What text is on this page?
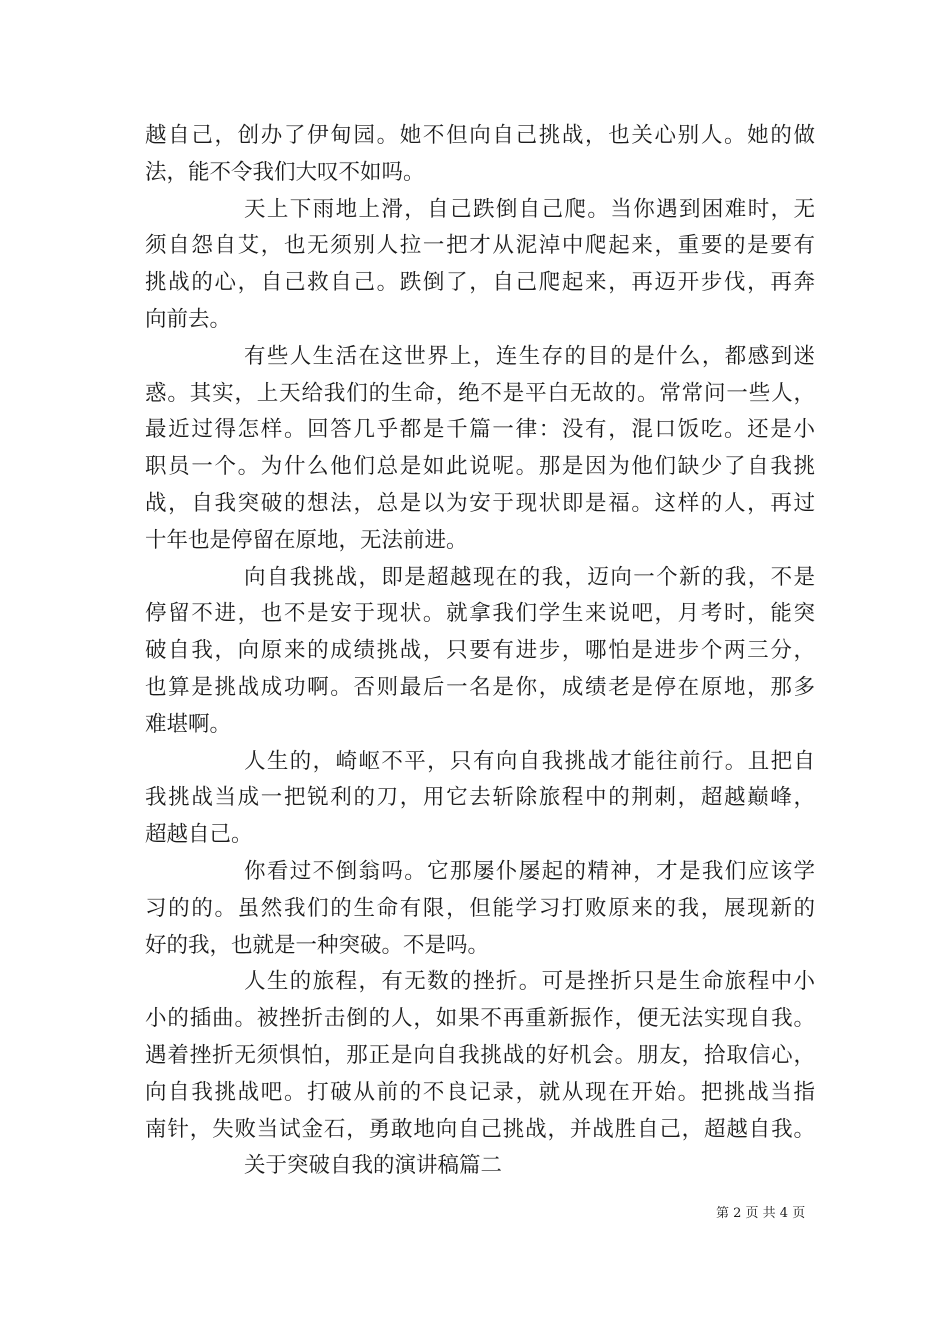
越自己，创办了伊甸园。她不但向自己挑战，也关心别人。她的做
法，能不令我们大叹不如吗。
天上下雨地上滑，自己跌倒自己爬。当你遇到困难时，无
须自怨自艾，也无须别人拉一把才从泥淖中爬起来，重要的是要有
挑战的心，自己救自己。跌倒了，自己爬起来，再迈开步伐，再奔
向前去。
有些人生活在这世界上，连生存的目的是什么，都感到迷
惑。其实，上天给我们的生命，绝不是平白无故的。常常问一些人，
最近过得怎样。回答几乎都是千篇一律：没有，混口饭吃。还是小
职员一个。为什么他们总是如此说呢。那是因为他们缺少了自我挑
战，自我突破的想法，总是以为安于现状即是福。这样的人，再过
十年也是停留在原地，无法前进。
向自我挑战，即是超越现在的我，迈向一个新的我，不是
停留不进，也不是安于现状。就拿我们学生来说吧，月考时，能突
破自我，向原来的成绩挑战，只要有进步，哪怕是进步个两三分，
也算是挑战成功啊。否则最后一名是你，成绩老是停在原地，那多
难堪啊。
人生的，崎岖不平，只有向自我挑战才能往前行。且把自
我挑战当成一把锐利的刀，用它去斩除旅程中的荆刺，超越巅峰，
超越自己。
你看过不倒翁吗。它那屡仆屡起的精神，才是我们应该学
习的的。虽然我们的生命有限，但能学习打败原来的我，展现新的
好的我，也就是一种突破。不是吗。
人生的旅程，有无数的挫折。可是挫折只是生命旅程中小
小的插曲。被挫折击倒的人，如果不再重新振作，便无法实现自我。
遇着挫折无须惧怕，那正是向自我挑战的好机会。朋友，拾取信心，
向自我挑战吧。打破从前的不良记录，就从现在开始。把挑战当指
南针，失败当试金石，勇敢地向自己挑战，并战胜自己，超越自我。
关于突破自我的演讲稿篇二
第 2 页 共 4 页
